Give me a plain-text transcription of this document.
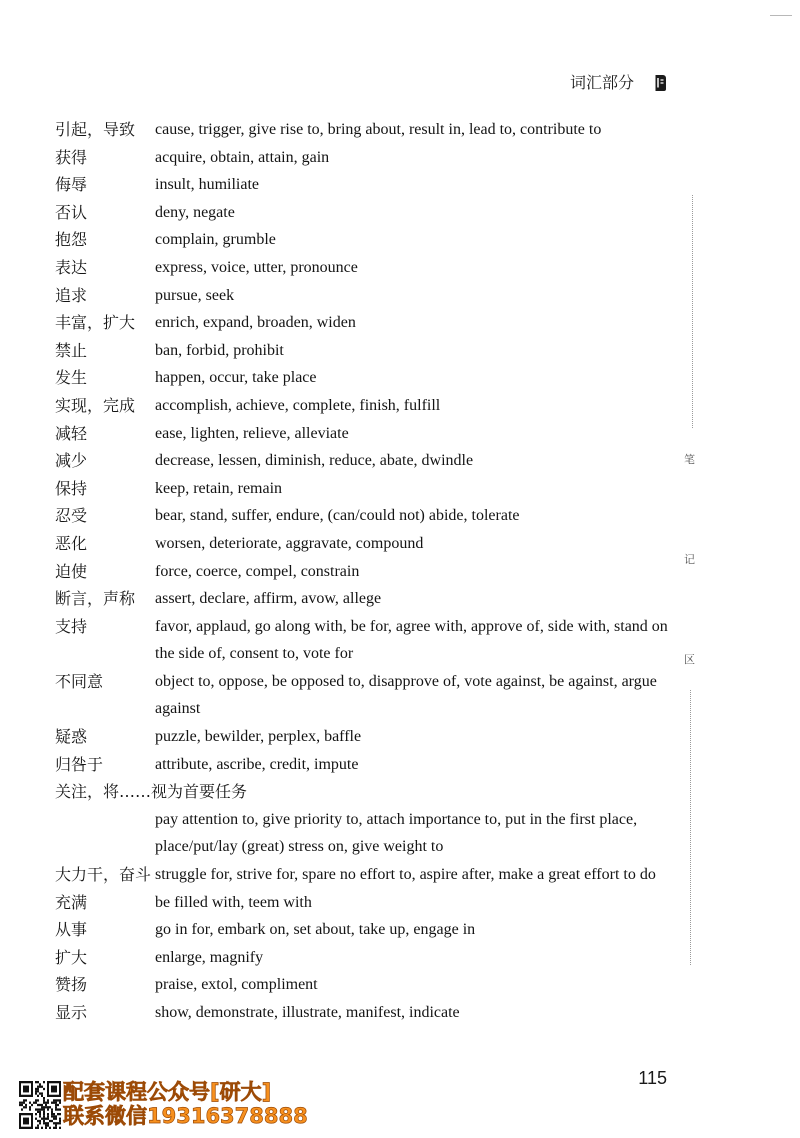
词汇部分
引起，导致	cause, trigger, give rise to, bring about, result in, lead to, contribute to
获得	acquire, obtain, attain, gain
侮辱	insult, humiliate
否认	deny, negate
抱怨	complain, grumble
表达	express, voice, utter, pronounce
追求	pursue, seek
丰富，扩大	enrich, expand, broaden, widen
禁止	ban, forbid, prohibit
发生	happen, occur, take place
实现，完成	accomplish, achieve, complete, finish, fulfill
减轻	ease, lighten, relieve, alleviate
减少	decrease, lessen, diminish, reduce, abate, dwindle
保持	keep, retain, remain
忍受	bear, stand, suffer, endure, (can/could not) abide, tolerate
恶化	worsen, deteriorate, aggravate, compound
迫使	force, coerce, compel, constrain
断言，声称	assert, declare, affirm, avow, allege
支持	favor, applaud, go along with, be for, agree with, approve of, side with, stand on
the side of, consent to, vote for
不同意	object to, oppose, be opposed to, disapprove of, vote against, be against, argue
against
疑惑	puzzle, bewilder, perplex, baffle
归咎于	attribute, ascribe, credit, impute
关注，将……视为首要任务
pay attention to, give priority to, attach importance to, put in the first place,
place/put/lay (great) stress on, give weight to
大力干，奋斗 struggle for, strive for, spare no effort to, aspire after, make a great effort to do
充满	be filled with, teem with
从事	go in for, embark on, set about, take up, engage in
扩大	enlarge, magnify
赞扬	praise, extol, compliment
显示	show, demonstrate, illustrate, manifest, indicate
笔
记
区
115
配套课程公众号[研大]
联系微信19316378888
